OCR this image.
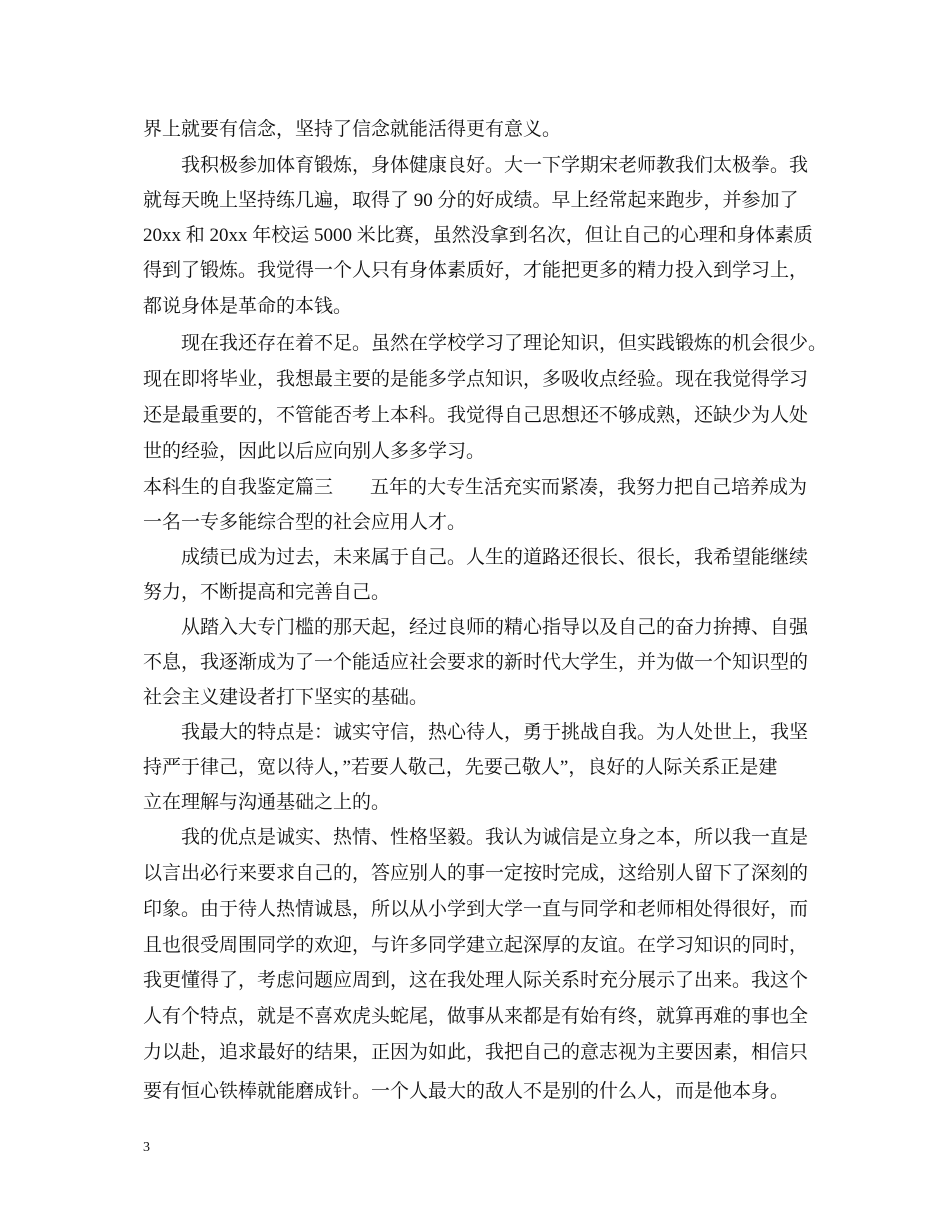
界上就要有信念，坚持了信念就能活得更有意义。
我积极参加体育锻炼，身体健康良好。大一下学期宋老师教我们太极拳。我
就每天晚上坚持练几遍，取得了 90 分的好成绩。早上经常起来跑步，并参加了
20xx 和 20xx 年校运 5000 米比赛，虽然没拿到名次，但让自己的心理和身体素质
得到了锻炼。我觉得一个人只有身体素质好，才能把更多的精力投入到学习上，
都说身体是革命的本钱。
现在我还存在着不足。虽然在学校学习了理论知识，但实践锻炼的机会很少。
现在即将毕业，我想最主要的是能多学点知识，多吸收点经验。现在我觉得学习
还是最重要的，不管能否考上本科。我觉得自己思想还不够成熟，还缺少为人处
世的经验，因此以后应向别人多多学习。
本科生的自我鉴定篇三 五年的大专生活充实而紧凑，我努力把自己培养成为
一名一专多能综合型的社会应用人才。
成绩已成为过去，未来属于自己。人生的道路还很长、很长，我希望能继续
努力，不断提高和完善自己。
从踏入大专门槛的那天起，经过良师的精心指导以及自己的奋力拚搏、自强
不息，我逐渐成为了一个能适应社会要求的新时代大学生，并为做一个知识型的
社会主义建设者打下坚实的基础。
我最大的特点是：诚实守信，热心待人，勇于挑战自我。为人处世上，我坚
持严于律己，宽以待人，”若要人敬己，先要己敬人”，良好的人际关系正是建
立在理解与沟通基础之上的。
我的优点是诚实、热情、性格坚毅。我认为诚信是立身之本，所以我一直是
以言出必行来要求自己的，答应别人的事一定按时完成，这给别人留下了深刻的
印象。由于待人热情诚恳，所以从小学到大学一直与同学和老师相处得很好，而
且也很受周围同学的欢迎，与许多同学建立起深厚的友谊。在学习知识的同时，
我更懂得了，考虑问题应周到，这在我处理人际关系时充分展示了出来。我这个
人有个特点，就是不喜欢虎头蛇尾，做事从来都是有始有终，就算再难的事也全
力以赴，追求最好的结果，正因为如此，我把自己的意志视为主要因素，相信只
要有恒心铁棒就能磨成针。一个人最大的敌人不是别的什么人，而是他本身。
3
